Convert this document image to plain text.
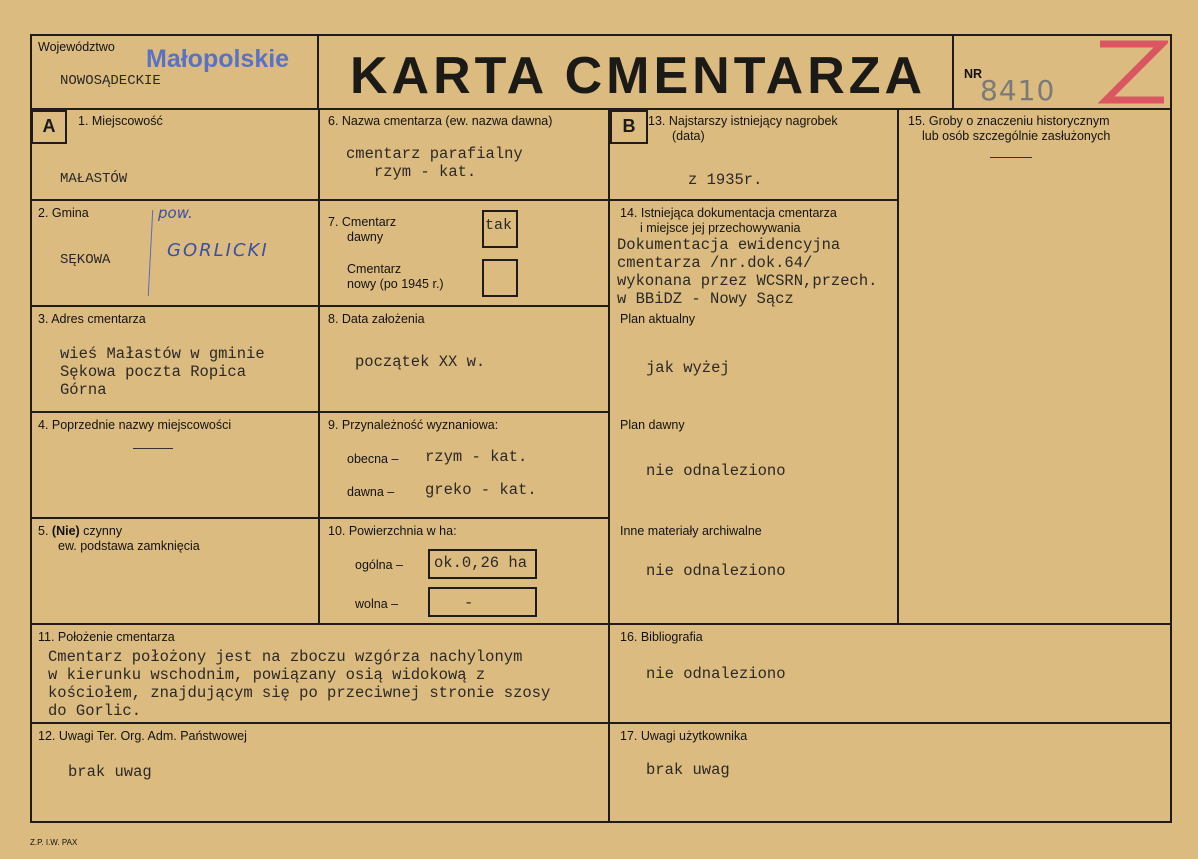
Województwo Małopolskie
NOWOSĄDECKIE	KARTA CMENTARZA	NR
8410
A	1. Miejscowość
MAŁASTÓW
2. Gmina
SĘKOWA
pow.
GORLICKI
3. Adres cmentarza
wieś Małastów w gminie
Sękowa poczta Ropica
Górna
4. Poprzednie nazwy miejscowości
5. (Nie) czynny
ew. podstawa zamknięcia
11. Położenie cmentarza
Cmentarz położony jest na zboczu wzgórza nachylonym
w kierunku wschodnim, powiązany osią widokową z
kościołem, znajdującym się po przeciwnej stronie szosy
do Gorlic.
12. Uwagi Ter. Org. Adm. Państwowej
brak uwag
6. Nazwa cmentarza (ew. nazwa dawna)
cmentarz parafialny
rzym - kat.
7. Cmentarz
dawny
tak
Cmentarz
nowy (po 1945 r.)
8. Data założenia
początek XX w.
9. Przynależność wyznaniowa:
obecna – rzym - kat.
dawna – greko - kat.
10. Powierzchnia w ha:
ogólna – ok.0,26 ha
wolna –	-
B	13. Najstarszy istniejący nagrobek
(data)
z 1935r.
14. Istniejąca dokumentacja cmentarza
i miejsce jej przechowywania
Dokumentacja ewidencyjna
cmentarza /nr.dok.64/
wykonana przez WCSRN,przech.
w BBiDZ - Nowy Sącz
Plan aktualny
jak wyżej
Plan dawny
nie odnaleziono
Inne materiały archiwalne
nie odnaleziono
16. Bibliografia
nie odnaleziono
17. Uwagi użytkownika
brak uwag
15. Groby o znaczeniu historycznym
lub osób szczególnie zasłużonych
Z.P. I.W. PAX
